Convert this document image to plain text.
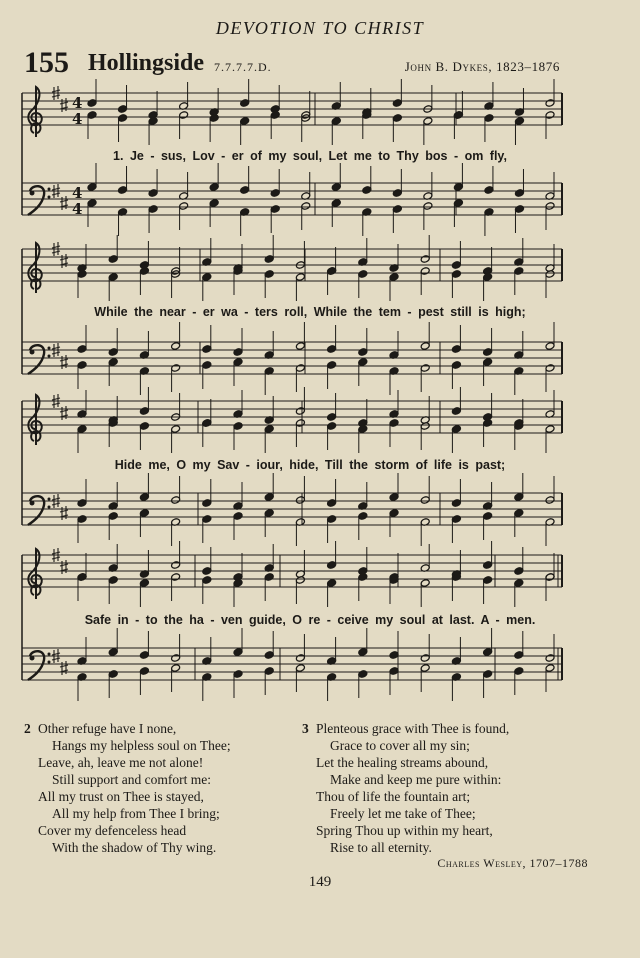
DEVOTION TO CHRIST
155 Hollingside 7.7.7.7.D.	John B. Dykes, 1823–1876
4
4
4
4
1. Je - sus, Lov - er of my soul, Let me to Thy bos - om fly,
While the near - er wa - ters roll, While the tem - pest still is high;
Hide me, O my Sav - iour, hide, Till the storm of life is past;
Safe in - to the ha - ven guide, O re - ceive my soul at last. A - men.
2 Other refuge have I none,
Hangs my helpless soul on Thee;
Leave, ah, leave me not alone!
Still support and comfort me:
All my trust on Thee is stayed,
All my help from Thee I bring;
Cover my defenceless head
With the shadow of Thy wing.
3 Plenteous grace with Thee is found,
Grace to cover all my sin;
Let the healing streams abound,
Make and keep me pure within:
Thou of life the fountain art;
Freely let me take of Thee;
Spring Thou up within my heart,
Rise to all eternity.
Charles Wesley, 1707–1788
149
